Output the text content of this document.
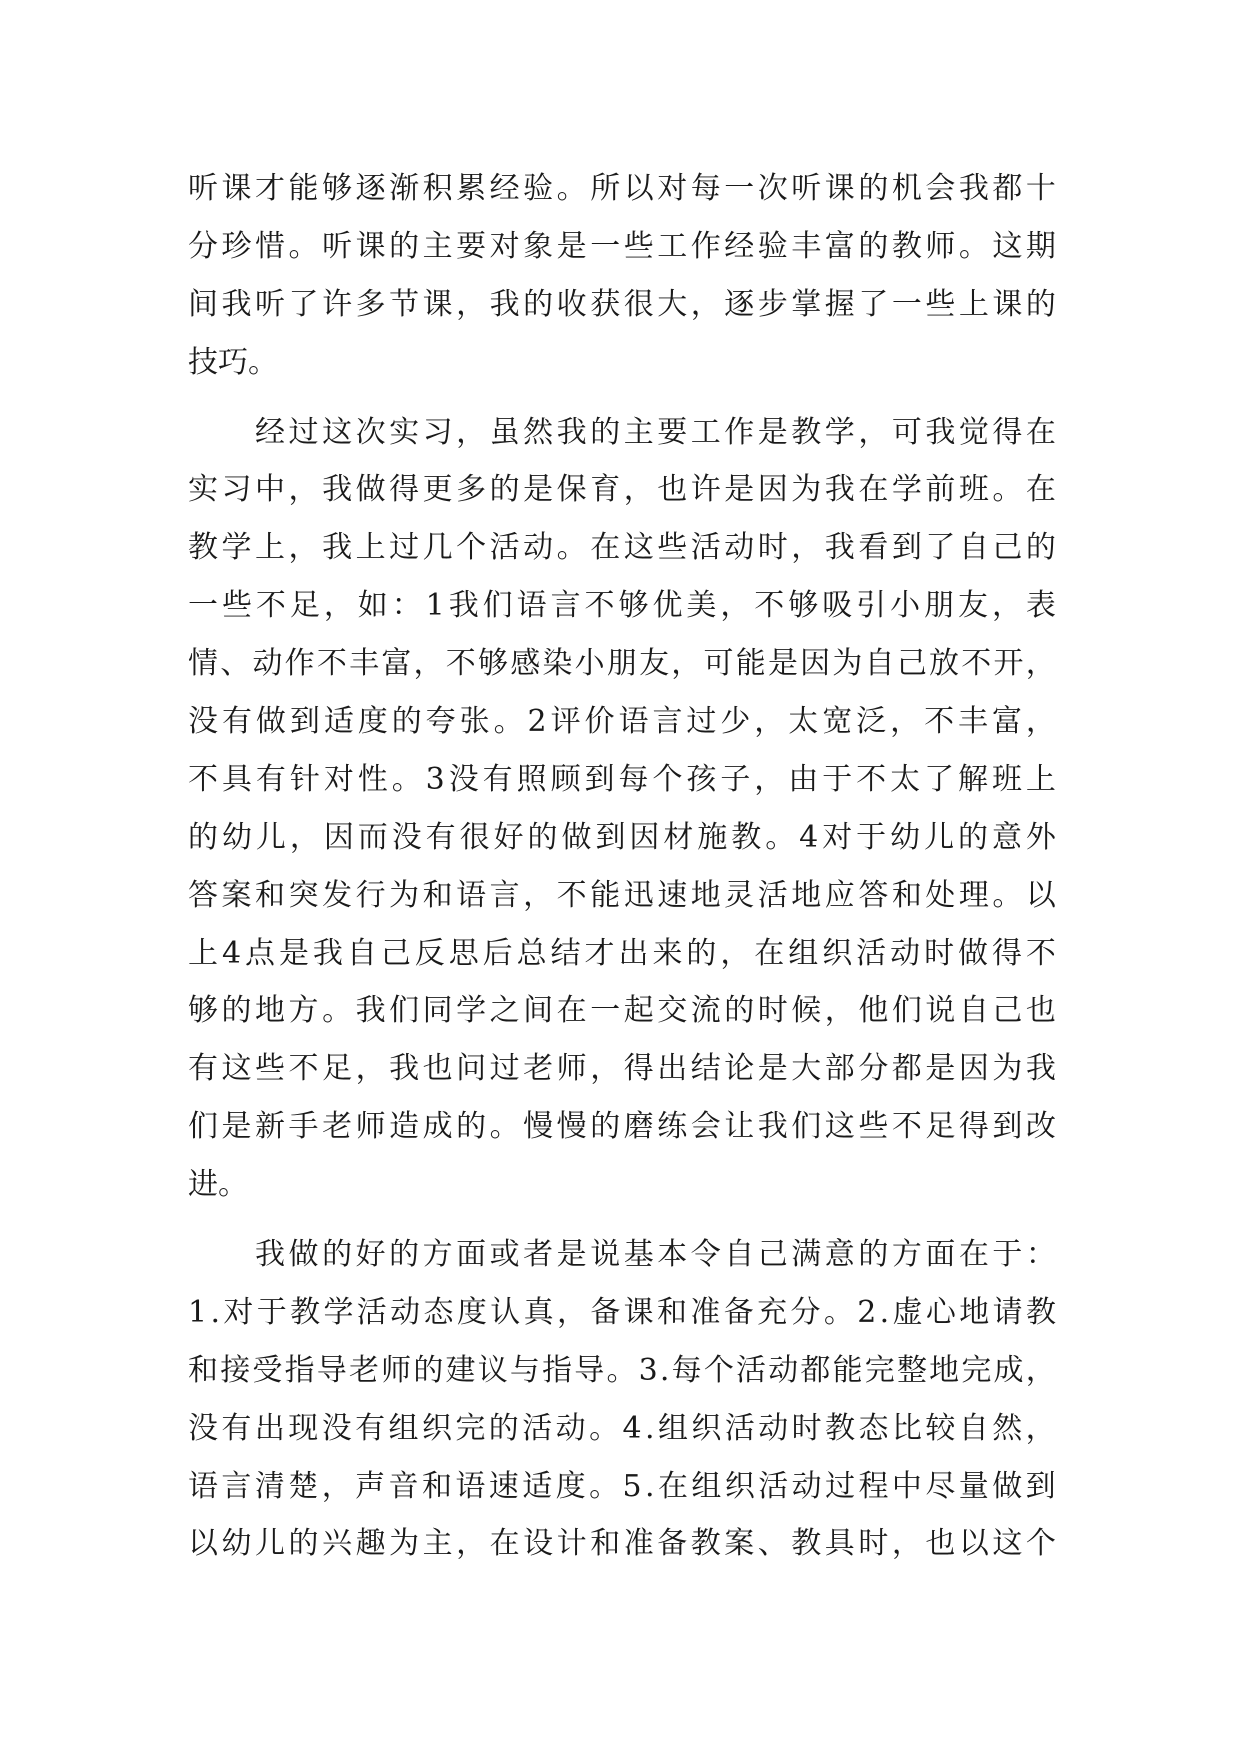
听 课 才 能 够 逐 渐 积 累 经 验 。 所 以 对 每 一 次 听 课 的 机 会 我 都 十
分 珍 惜 。 听 课 的 主 要 对 象 是 一 些 工 作 经 验 丰 富 的 教 师 。 这 期
间 我 听 了 许 多 节 课 ， 我 的 收 获 很 大 ， 逐 步 掌 握 了 一 些 上 课 的
技巧。

经 过 这 次 实 习 ， 虽 然 我 的 主 要 工 作 是 教 学 ， 可 我 觉 得 在
实 习 中 ， 我 做 得 更 多 的 是 保 育 ， 也 许 是 因 为 我 在 学 前 班 。 在
教 学 上 ， 我 上 过 几 个 活 动 。 在 这 些 活 动 时 ， 我 看 到 了 自 己 的
一 些 不 足 ， 如 ： 1 我 们 语 言 不 够 优 美 ， 不 够 吸 引 小 朋 友 ， 表
情 、 动 作 不 丰 富 ， 不 够 感 染 小 朋 友 ， 可 能 是 因 为 自 己 放 不 开 ，
没 有 做 到 适 度 的 夸 张 。 2 评 价 语 言 过 少 ， 太 宽 泛 ， 不 丰 富 ，
不 具 有 针 对 性 。 3 没 有 照 顾 到 每 个 孩 子 ， 由 于 不 太 了 解 班 上
的 幼 儿 ， 因 而 没 有 很 好 的 做 到 因 材 施 教 。 4 对 于 幼 儿 的 意 外
答 案 和 突 发 行 为 和 语 言 ， 不 能 迅 速 地 灵 活 地 应 答 和 处 理 。 以
上 4 点 是 我 自 己 反 思 后 总 结 才 出 来 的 ， 在 组 织 活 动 时 做 得 不
够 的 地 方 。 我 们 同 学 之 间 在 一 起 交 流 的 时 候 ， 他 们 说 自 己 也
有 这 些 不 足 ， 我 也 问 过 老 师 ， 得 出 结 论 是 大 部 分 都 是 因 为 我
们 是 新 手 老 师 造 成 的 。 慢 慢 的 磨 练 会 让 我 们 这 些 不 足 得 到 改
进。

我 做 的 好 的 方 面 或 者 是 说 基 本 令 自 己 满 意 的 方 面 在 于 ：
1 . 对 于 教 学 活 动 态 度 认 真 ， 备 课 和 准 备 充 分 。 2 . 虚 心 地 请 教
和 接 受 指 导 老 师 的 建 议 与 指 导 。 3 . 每 个 活 动 都 能 完 整 地 完 成 ，
没 有 出 现 没 有 组 织 完 的 活 动 。 4 . 组 织 活 动 时 教 态 比 较 自 然 ，
语 言 清 楚 ， 声 音 和 语 速 适 度 。 5 . 在 组 织 活 动 过 程 中 尽 量 做 到
以 幼 儿 的 兴 趣 为 主 ， 在 设 计 和 准 备 教 案 、 教 具 时 ， 也 以 这 个
